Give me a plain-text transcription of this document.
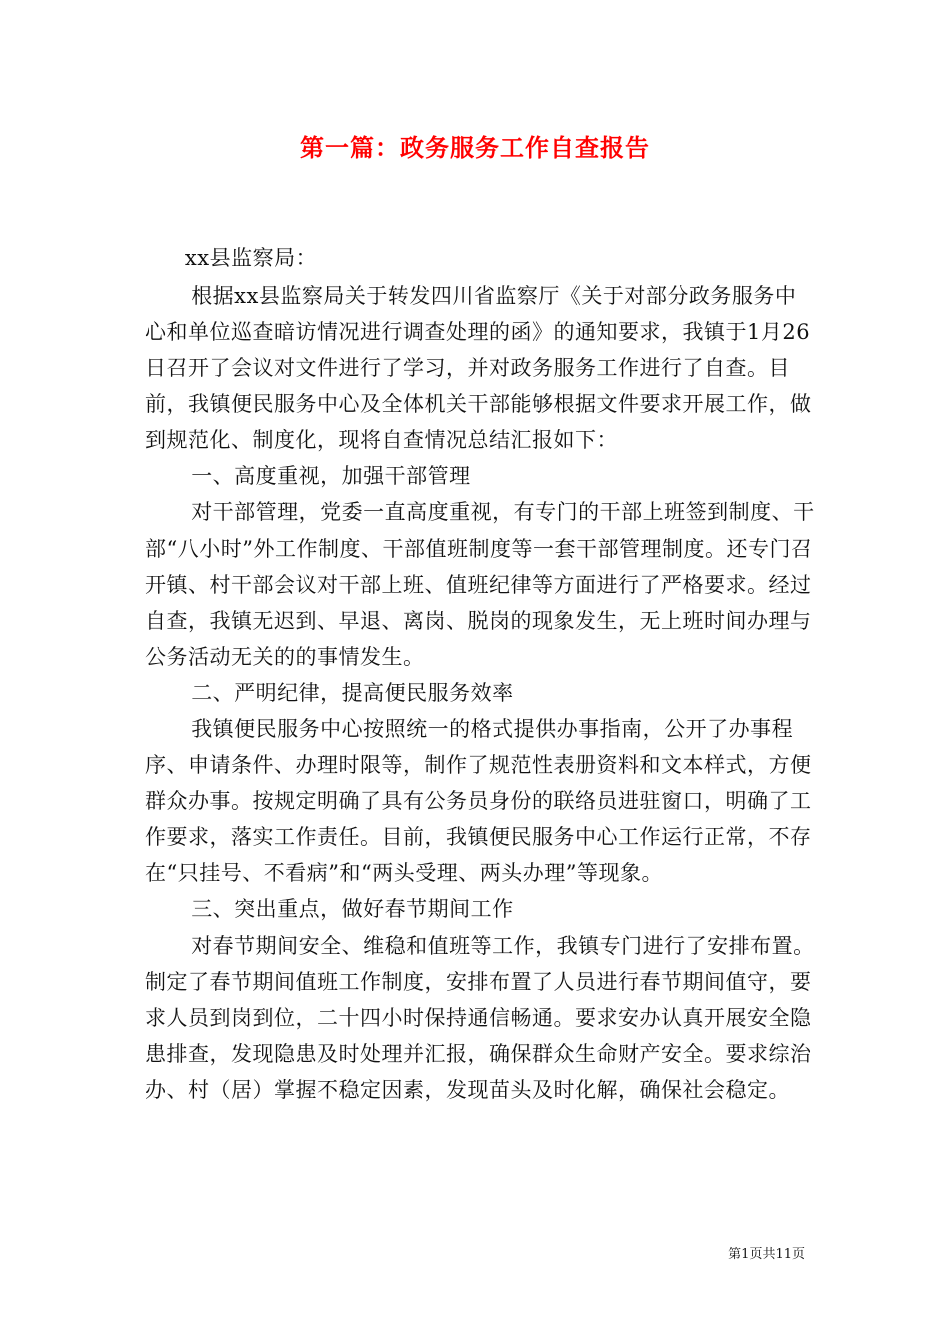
第一篇：政务服务工作自查报告

xx县监察局：

根据xx县监察局关于转发四川省监察厅《关于对部分政务服务中心和单位巡查暗访情况进行调查处理的函》的通知要求，我镇于1月26日召开了会议对文件进行了学习，并对政务服务工作进行了自查。目前，我镇便民服务中心及全体机关干部能够根据文件要求开展工作，做到规范化、制度化，现将自查情况总结汇报如下：

一、高度重视，加强干部管理

对干部管理，党委一直高度重视，有专门的干部上班签到制度、干部“八小时”外工作制度、干部值班制度等一套干部管理制度。还专门召开镇、村干部会议对干部上班、值班纪律等方面进行了严格要求。经过自查，我镇无迟到、早退、离岗、脱岗的现象发生，无上班时间办理与公务活动无关的的事情发生。

二、严明纪律，提高便民服务效率

我镇便民服务中心按照统一的格式提供办事指南，公开了办事程序、申请条件、办理时限等，制作了规范性表册资料和文本样式，方便群众办事。按规定明确了具有公务员身份的联络员进驻窗口，明确了工作要求，落实工作责任。目前，我镇便民服务中心工作运行正常，不存在“只挂号、不看病”和“两头受理、两头办理”等现象。

三、突出重点，做好春节期间工作

对春节期间安全、维稳和值班等工作，我镇专门进行了安排布置。制定了春节期间值班工作制度，安排布置了人员进行春节期间值守，要求人员到岗到位，二十四小时保持通信畅通。要求安办认真开展安全隐患排查，发现隐患及时处理并汇报，确保群众生命财产安全。要求综治办、村（居）掌握不稳定因素，发现苗头及时化解，确保社会稳定。

第1页共11页
